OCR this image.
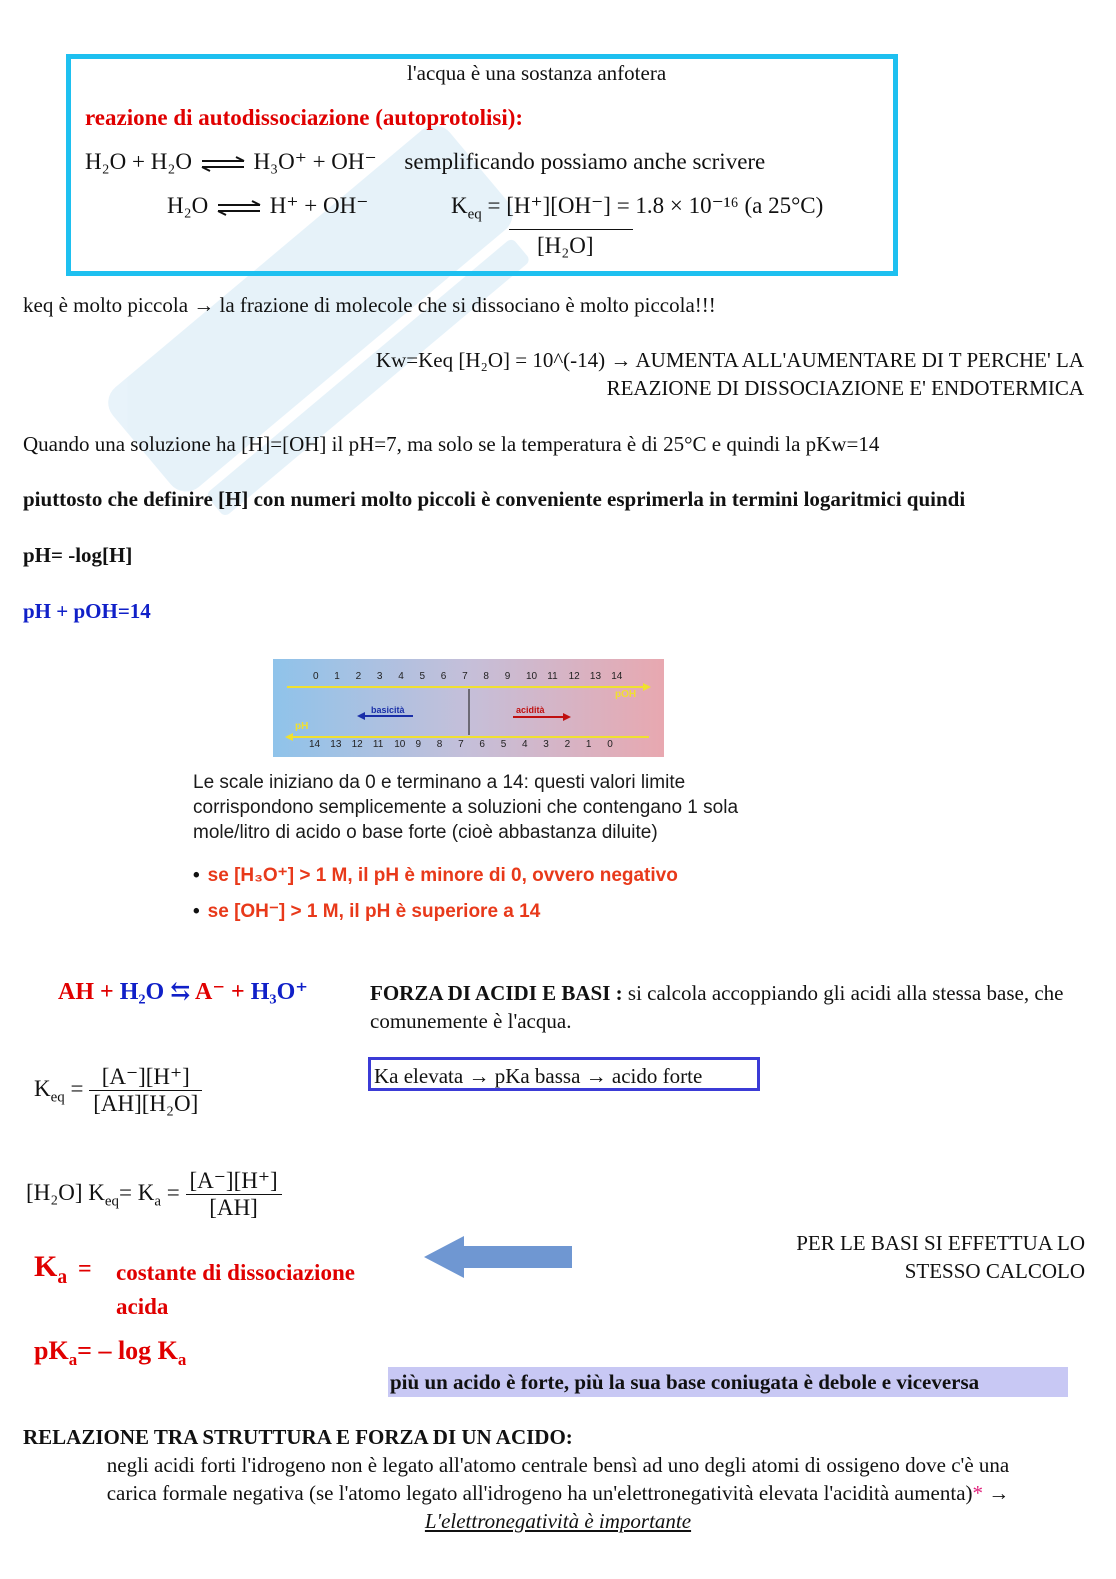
l'acqua è una sostanza anfotera
reazione di autodissociazione (autoprotolisi):
H₂O + H₂O ⇌ H₃O⁺ + OH⁻ semplificando possiamo anche scrivere
H₂O ⇌ H⁺ + OH⁻	$K_{eq} = [H^+][OH^-] = 1.8 \times 10^{-16}$ (a 25°C)
[H₂O]
keq è molto piccola → la frazione di molecole che si dissociano è molto piccola!!!
Kw=Keq [H₂O] = 10^(-14) → AUMENTA ALL'AUMENTARE DI T PERCHE' LA
REAZIONE DI DISSOCIAZIONE E' ENDOTERMICA
Quando una soluzione ha [H]=[OH] il pH=7, ma solo se la temperatura è di 25°C e quindi la pKw=14
piuttosto che definire [H] con numeri molto piccoli è conveniente esprimerla in termini logaritmici quindi
pH= -log[H]
pH + pOH=14
0 1 2 3 4 5 6 7 8 9 10 11 12 13 14
14 13 12 11 10 9 8 7 6 5 4 3 2 1 0
pOH
pH
basicità	acidità
Le scale iniziano da 0 e terminano a 14: questi valori limite
corrispondono semplicemente a soluzioni che contengano 1 sola
mole/litro di acido o base forte (cioè abbastanza diluite)
• se [H₃O⁺] > 1 M, il pH è minore di 0, ovvero negativo
• se [OH⁻] > 1 M, il pH è superiore a 14
AH + H₂O ⇆ A⁻ + H₃O⁺	FORZA DI ACIDI E BASI : si calcola accoppiando gli acidi alla stessa base, che comunemente è l'acqua.
Ka elevata → pKa bassa → acido forte
$K_{eq} = \frac{[A^-][H^+]}{\text{[AH][H₂O]}}$
[H₂O] $K_{eq}= K_a = \frac{[A^-][H^+]}{[AH]}$
$K_a$ = costante di dissociazione
acida
$pK_a= - \log K_a$
PER LE BASI SI EFFETTUA LO
STESSO CALCOLO
più un acido è forte, più la sua base coniugata è debole e viceversa
RELAZIONE TRA STRUTTURA E FORZA DI UN ACIDO:
negli acidi forti l'idrogeno non è legato all'atomo centrale bensì ad uno degli atomi di ossigeno dove c'è una
carica formale negativa (se l'atomo legato all'idrogeno ha un'elettronegatività elevata l'acidità aumenta)* →
L'elettronegatività è importante
